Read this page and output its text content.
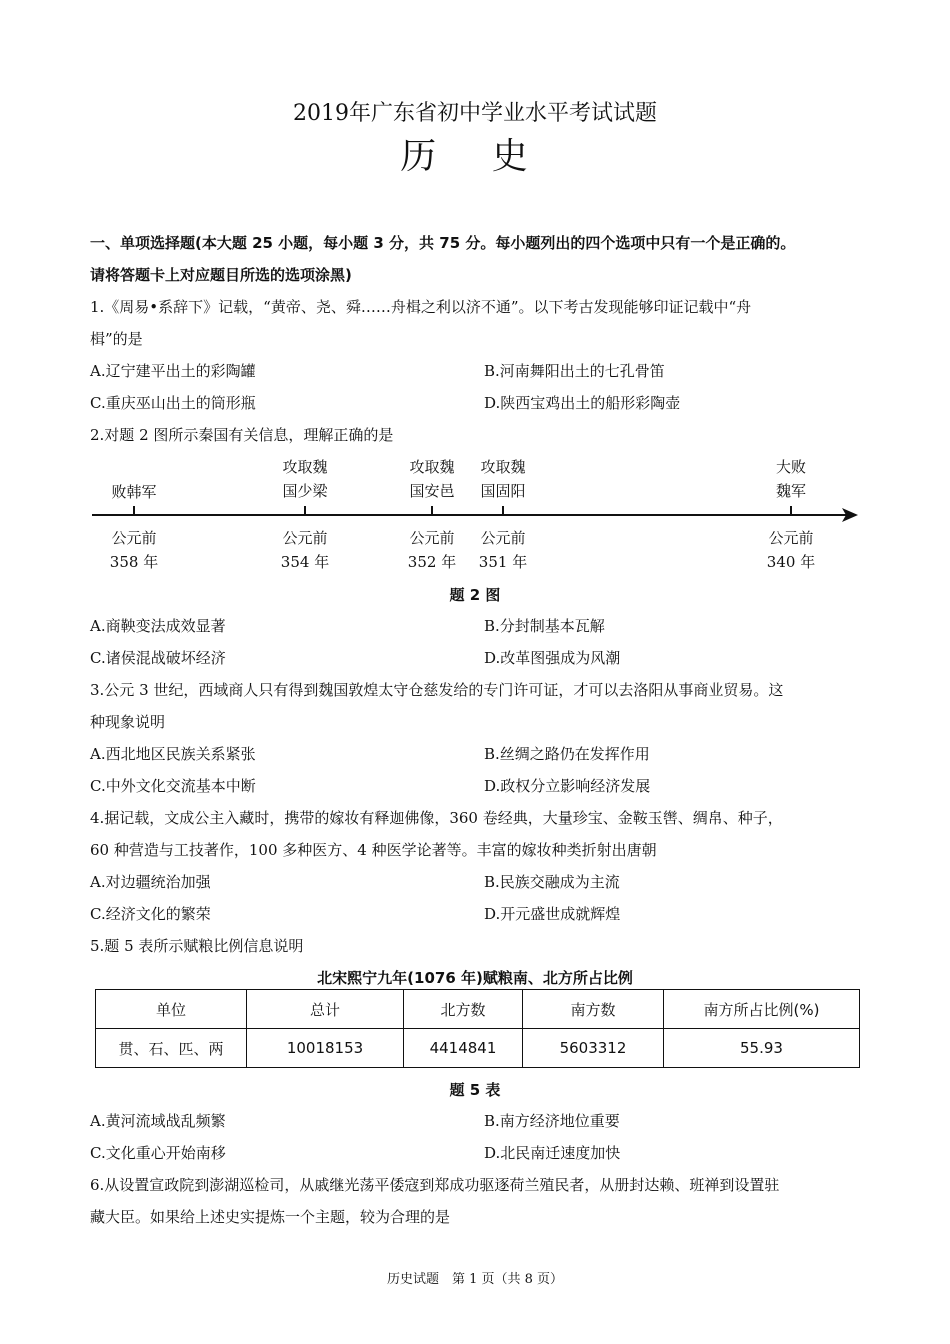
2019年广东省初中学业水平考试试题
历 史
一、单项选择题(本大题 25 小题，每小题 3 分，共 75 分。每小题列出的四个选项中只有一个是正确的。
请将答题卡上对应题目所选的选项涂黑)
1.《周易•系辞下》记载，“黄帝、尧、舜……舟楫之利以济不通”。以下考古发现能够印证记载中“舟
楫”的是
A.辽宁建平出土的彩陶罐	B.河南舞阳出土的七孔骨笛
C.重庆巫山出土的筒形瓶	D.陕西宝鸡出土的船形彩陶壶
2.对题 2 图所示秦国有关信息，理解正确的是
败韩军
攻取魏
国少梁
攻取魏
国安邑
攻取魏
国固阳
大败
魏军
公元前
358 年
公元前
354 年
公元前
352 年
公元前
351 年
公元前
340 年
题 2 图
A.商鞅变法成效显著	B.分封制基本瓦解
C.诸侯混战破坏经济	D.改革图强成为风潮
3.公元 3 世纪，西域商人只有得到魏国敦煌太守仓慈发给的专门许可证，才可以去洛阳从事商业贸易。这
种现象说明
A.西北地区民族关系紧张	B.丝绸之路仍在发挥作用
C.中外文化交流基本中断	D.政权分立影响经济发展
4.据记载，文成公主入藏时，携带的嫁妆有释迦佛像，360 卷经典，大量珍宝、金鞍玉辔、绸帛、种子，
60 种营造与工技著作，100 多种医方、4 种医学论著等。丰富的嫁妆种类折射出唐朝
A.对边疆统治加强	B.民族交融成为主流
C.经济文化的繁荣	D.开元盛世成就辉煌
5.题 5 表所示赋粮比例信息说明
北宋熙宁九年(1076 年)赋粮南、北方所占比例
单位	总计	北方数	南方数	南方所占比例(%)
贯、石、匹、两	10018153	4414841	5603312	55.93
题 5 表
A.黄河流域战乱频繁	B.南方经济地位重要
C.文化重心开始南移	D.北民南迁速度加快
6.从设置宣政院到澎湖巡检司，从戚继光荡平倭寇到郑成功驱逐荷兰殖民者，从册封达赖、班禅到设置驻
藏大臣。如果给上述史实提炼一个主题，较为合理的是
历史试题　第 1 页（共 8 页）
